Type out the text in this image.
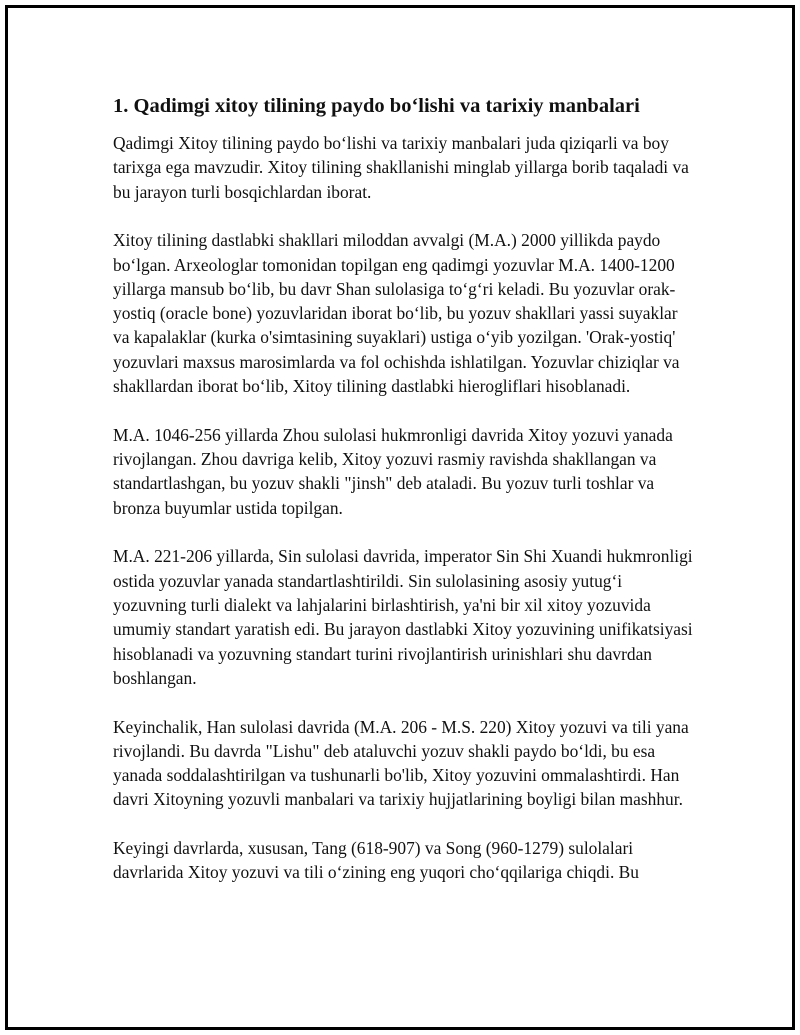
1. Qadimgi xitoy tilining paydo bo‘lishi va tarixiy manbalari

Qadimgi Xitoy tilining paydo bo‘lishi va tarixiy manbalari juda qiziqarli va boy tarixga ega mavzudir. Xitoy tilining shakllanishi minglab yillarga borib taqaladi va bu jarayon turli bosqichlardan iborat.

Xitoy tilining dastlabki shakllari miloddan avvalgi (M.A.) 2000 yillikda paydo bo‘lgan. Arxeologlar tomonidan topilgan eng qadimgi yozuvlar M.A. 1400-1200 yillarga mansub bo‘lib, bu davr Shan sulolasiga to‘g‘ri keladi. Bu yozuvlar orak-yostiq (oracle bone) yozuvlaridan iborat bo‘lib, bu yozuv shakllari yassi suyaklar va kapalaklar (kurka o'simtasining suyaklari) ustiga o‘yib yozilgan. 'Orak-yostiq' yozuvlari maxsus marosimlarda va fol ochishda ishlatilgan. Yozuvlar chiziqlar va shakllardan iborat bo‘lib, Xitoy tilining dastlabki hierogliflari hisoblanadi.

M.A. 1046-256 yillarda Zhou sulolasi hukmronligi davrida Xitoy yozuvi yanada rivojlangan. Zhou davriga kelib, Xitoy yozuvi rasmiy ravishda shakllangan va standartlashgan, bu yozuv shakli "jinsh" deb ataladi. Bu yozuv turli toshlar va bronza buyumlar ustida topilgan.

M.A. 221-206 yillarda, Sin sulolasi davrida, imperator Sin Shi Xuandi hukmronligi ostida yozuvlar yanada standartlashtirildi. Sin sulolasining asosiy yutug‘i yozuvning turli dialekt va lahjalarini birlashtirish, ya'ni bir xil xitoy yozuvida umumiy standart yaratish edi. Bu jarayon dastlabki Xitoy yozuvining unifikatsiyasi hisoblanadi va yozuvning standart turini rivojlantirish urinishlari shu davrdan boshlangan.

Keyinchalik, Han sulolasi davrida (M.A. 206 - M.S. 220) Xitoy yozuvi va tili yana rivojlandi. Bu davrda "Lishu" deb ataluvchi yozuv shakli paydo bo‘ldi, bu esa yanada soddalashtirilgan va tushunarli bo'lib, Xitoy yozuvini ommalashtirdi. Han davri Xitoyning yozuvli manbalari va tarixiy hujjatlarining boyligi bilan mashhur.

Keyingi davrlarda, xususan, Tang (618-907) va Song (960-1279) sulolalari davrlarida Xitoy yozuvi va tili o‘zining eng yuqori cho‘qqilariga chiqdi. Bu
